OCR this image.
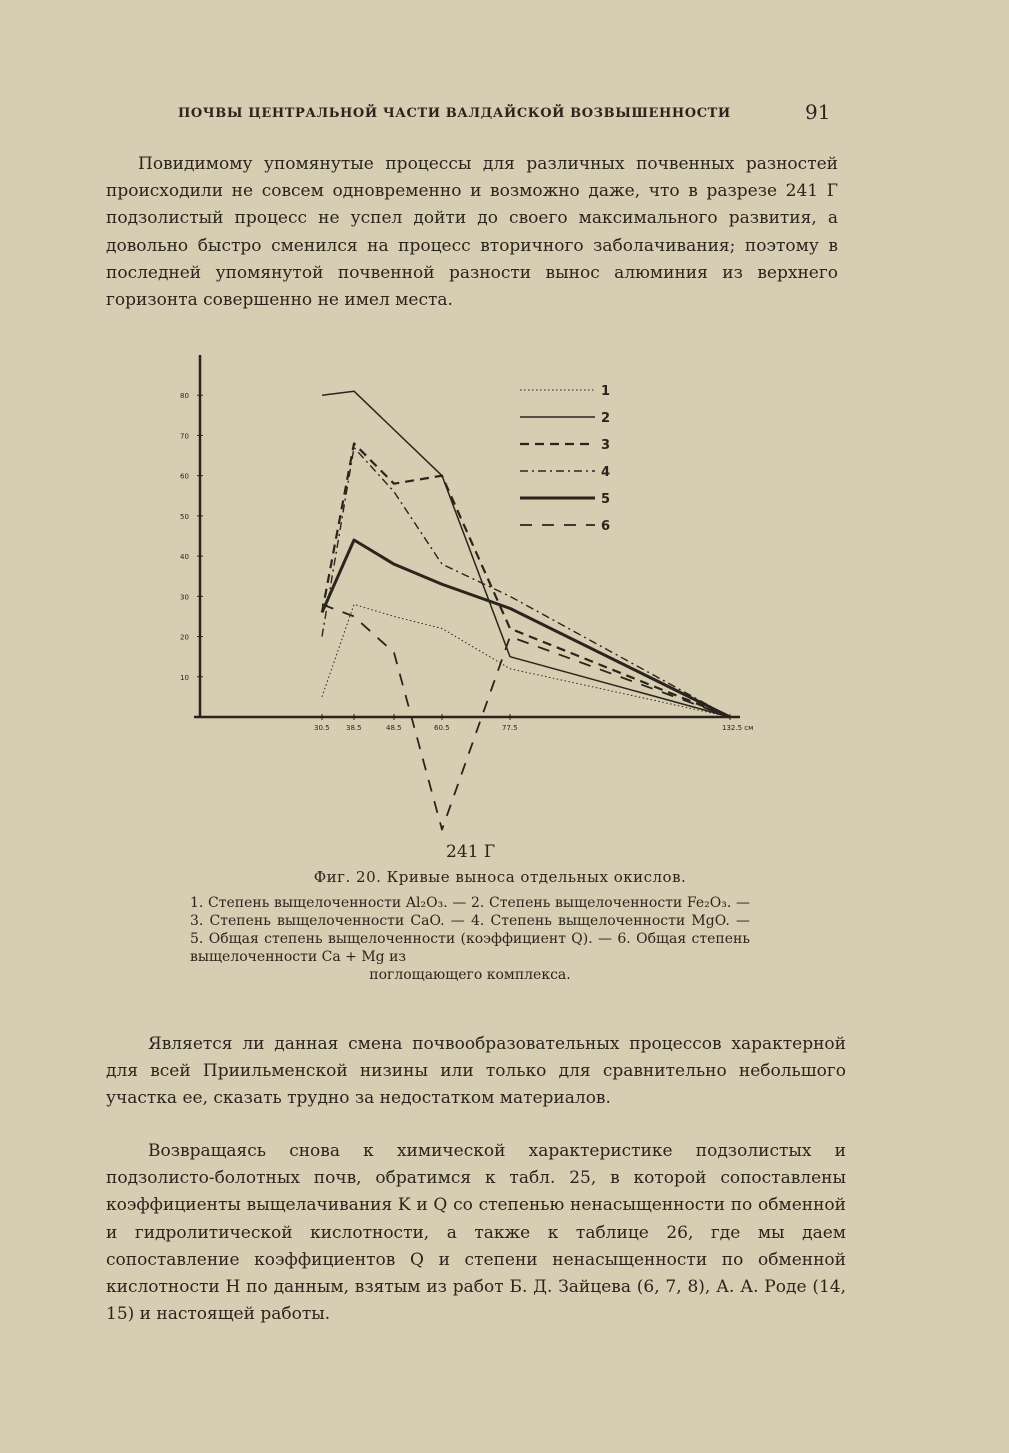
ПОЧВЫ ЦЕНТРАЛЬНОЙ ЧАСТИ ВАЛДАЙСКОЙ ВОЗВЫШЕННОСТИ	91

Повидимому упомянутые процессы для различных почвенных разностей происходили не совсем одновременно и возможно даже, что в разрезе 241 Г подзолистый процесс не успел дойти до своего максимального развития, а довольно быстро сменился на процесс вторичного заболачивания; поэтому в последней упомянутой почвенной разности вынос алюминия из верхнего горизонта совершенно не имел места.

80
70
60
50
40
30
20
10
30.5 38.5	48.5	60.5	77.5	132.5 см
1
2
3
4
5
6
241 Г
Фиг. 20. Кривые выноса отдельных окислов.
1. Степень выщелоченности Al₂O₃. — 2. Степень выщелоченности Fe₂O₃. — 3. Степень выщелоченности CaO. — 4. Степень выщелоченности MgO. — 5. Общая степень выщелоченности (коэффициент Q). — 6. Общая степень выщелоченности Ca + Mg из
поглощающего комплекса.

Является ли данная смена почвообразовательных процессов характерной для всей Приильменской низины или только для сравнительно небольшого участка ее, сказать трудно за недостатком материалов.

Возвращаясь снова к химической характеристике подзолистых и подзолисто-болотных почв, обратимся к табл. 25, в которой сопоставлены коэффициенты выщелачивания K и Q со степенью ненасыщенности по обменной и гидролитической кислотности, а также к таблице 26, где мы даем сопоставление коэффициентов Q и степени ненасыщенности по обменной кислотности H по данным, взятым из работ Б. Д. Зайцева (6, 7, 8), А. А. Роде (14, 15) и настоящей работы.
